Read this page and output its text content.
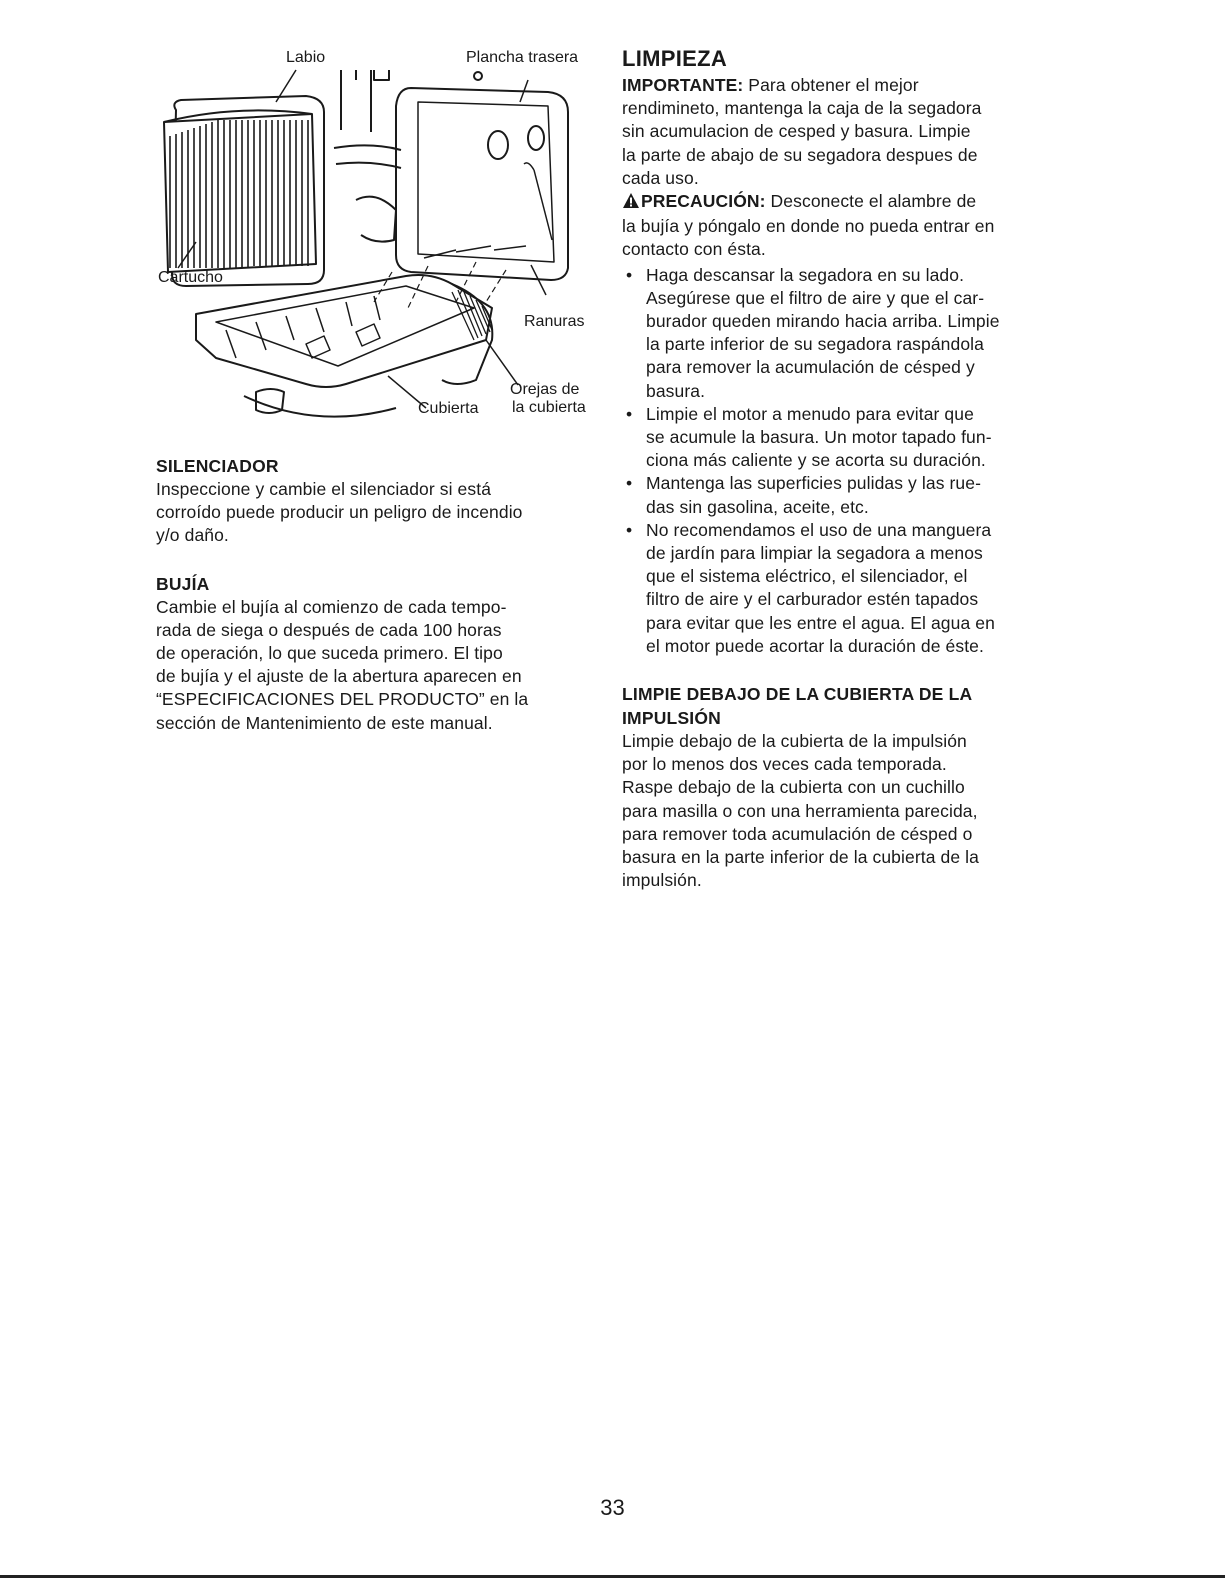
Labio	Plancha trasera
Cartucho
Ranuras
Orejas de
la cubierta
Cubierta
SILENCIADOR

Inspeccione y cambie el silenciador si está

corroído puede producir un peligro de incendio

y/o daño.

BUJÍA

Cambie el bujía al comienzo de cada tempo-

rada de siega o después de cada 100 horas

de operación, lo que suceda primero. El tipo

de bujía y el ajuste de la abertura aparecen en

“ESPECIFICACIONES DEL PRODUCTO” en la

sección de Mantenimiento de este manual.

LIMPIEZA

IMPORTANTE: Para obtener el mejor

rendimineto, mantenga la caja de la segadora

sin acumulacion de cesped y basura. Limpie

la parte de abajo de su segadora despues de

cada uso.

PRECAUCIÓN: Desconecte el alambre de

la bujía y póngalo en donde no pueda entrar en

contacto con ésta.

• Haga descansar la segadora en su lado.
Asegúrese que el filtro de aire y que el car-
burador queden mirando hacia arriba. Limpie
la parte inferior de su segadora raspándola
para remover la acumulación de césped y
basura.
• Limpie el motor a menudo para evitar que
se acumule la basura. Un motor tapado fun-
ciona más caliente y se acorta su duración.
• Mantenga las superficies pulidas y las rue-
das sin gasolina, aceite, etc.
• No recomendamos el uso de una manguera
de jardín para limpiar la segadora a menos
que el sistema eléctrico, el silenciador, el
filtro de aire y el carburador estén tapados
para evitar que les entre el agua. El agua en
el motor puede acortar la duración de éste.
LIMPIE DEBAJO DE LA CUBIERTA DE LA
IMPULSIÓN

Limpie debajo de la cubierta de la impulsión

por lo menos dos veces cada temporada.

Raspe debajo de la cubierta con un cuchillo

para masilla o con una herramienta parecida,

para remover toda acumulación de césped o

basura en la parte inferior de la cubierta de la

impulsión.

33
